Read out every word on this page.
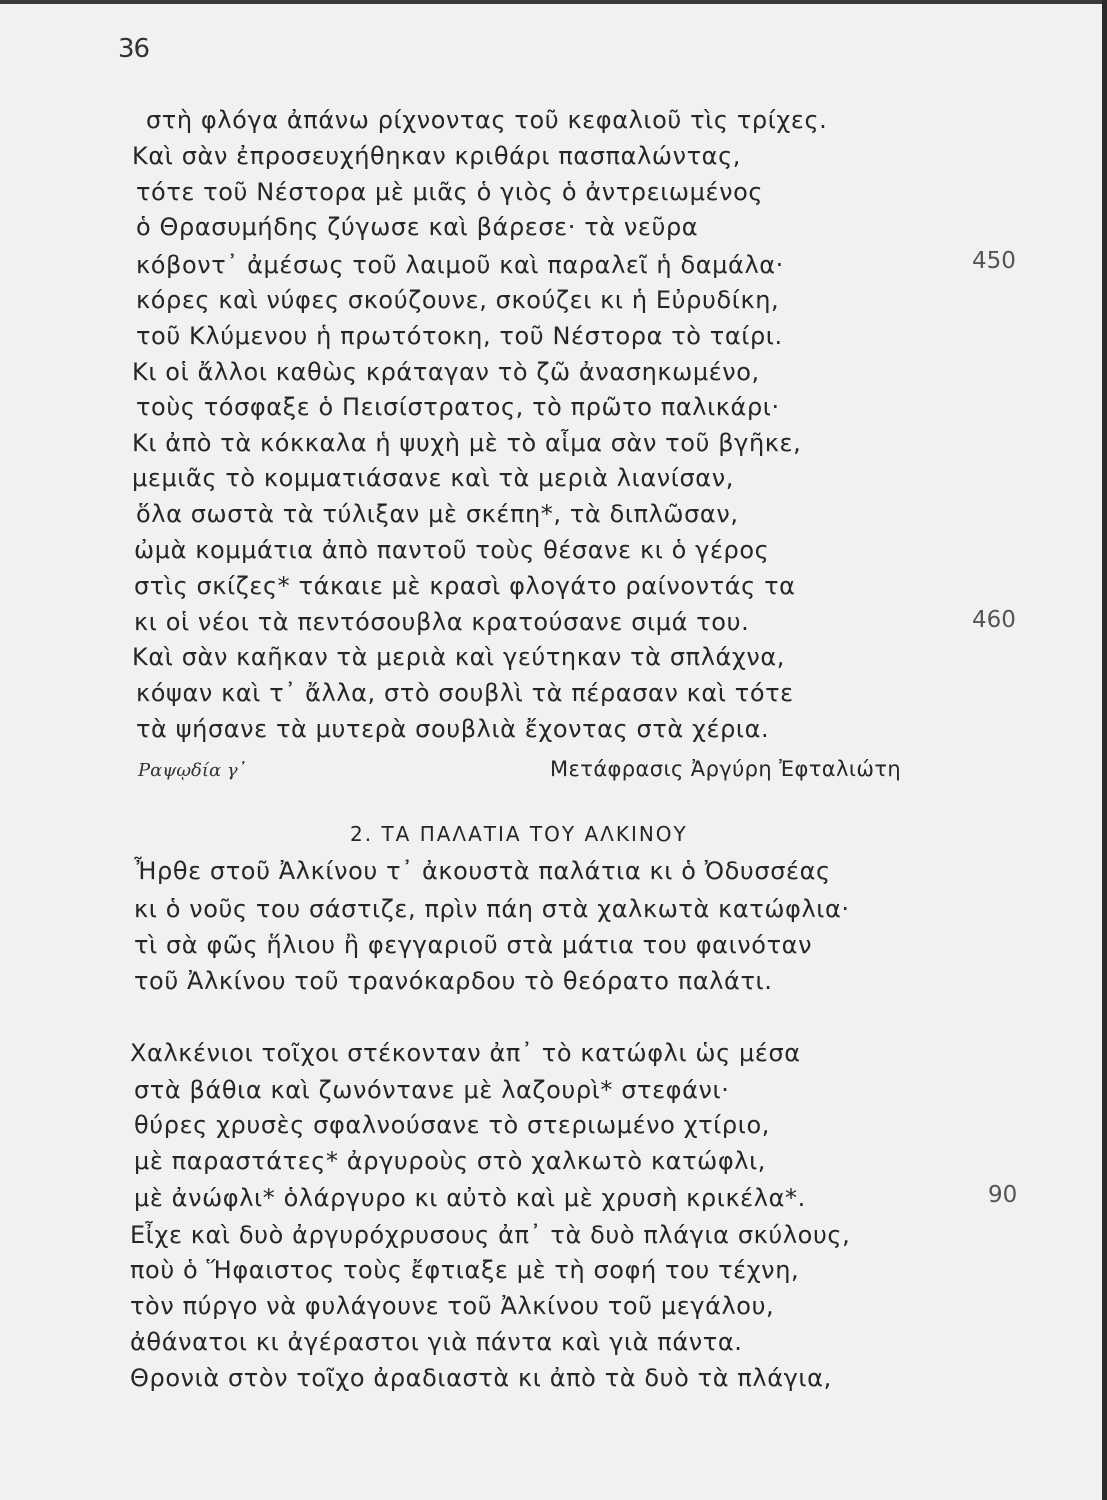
36
στὴ φλόγα ἀπάνω ρίχνοντας τοῦ κεφαλιοῦ τὶς τρίχες.
Καὶ σὰν ἐπροσευχήθηκαν κριθάρι πασπαλώντας,
τότε τοῦ Νέστορα μὲ μιᾶς ὁ γιὸς ὁ ἀντρειωμένος
ὁ Θρασυμήδης ζύγωσε καὶ βάρεσε· τὰ νεῦρα
κόβοντ᾽ ἀμέσως τοῦ λαιμοῦ καὶ παραλεῖ ἡ δαμάλα·
κόρες καὶ νύφες σκούζουνε, σκούζει κι ἡ Εὐρυδίκη,
τοῦ Κλύμενου ἡ πρωτότοκη, τοῦ Νέστορα τὸ ταίρι.
Κι οἱ ἄλλοι καθὼς κράταγαν τὸ ζῶ ἀνασηκωμένο,
τοὺς τόσφαξε ὁ Πεισίστρατος, τὸ πρῶτο παλικάρι·
Κι ἀπὸ τὰ κόκκαλα ἡ ψυχὴ μὲ τὸ αἷμα σὰν τοῦ βγῆκε,
μεμιᾶς τὸ κομματιάσανε καὶ τὰ μεριὰ λιανίσαν,
ὅλα σωστὰ τὰ τύλιξαν μὲ σκέπη*, τὰ διπλῶσαν,
ὠμὰ κομμάτια ἀπὸ παντοῦ τοὺς θέσανε κι ὁ γέρος
στὶς σκίζες* τάκαιε μὲ κρασὶ φλογάτο ραίνοντάς τα
κι οἱ νέοι τὰ πεντόσουβλα κρατούσανε σιμά του.
Καὶ σὰν καῆκαν τὰ μεριὰ καὶ γεύτηκαν τὰ σπλάχνα,
κόψαν καὶ τ᾽ ἄλλα, στὸ σουβλὶ τὰ πέρασαν καὶ τότε
τὰ ψήσανε τὰ μυτερὰ σουβλιὰ ἔχοντας στὰ χέρια.
450
460
Ραψῳδία γ᾽	Μετάφρασις Ἀργύρη Ἐφταλιώτη
2. ΤΑ ΠΑΛΑΤΙΑ ΤΟΥ ΑΛΚΙΝΟΥ
Ἦρθε στοῦ Ἀλκίνου τ᾽ ἀκουστὰ παλάτια κι ὁ Ὀδυσσέας
κι ὁ νοῦς του σάστιζε, πρὶν πάη στὰ χαλκωτὰ κατώφλια·
τὶ σὰ φῶς ἥλιου ἢ φεγγαριοῦ στὰ μάτια του φαινόταν
τοῦ Ἀλκίνου τοῦ τρανόκαρδου τὸ θεόρατο παλάτι.
Χαλκένιοι τοῖχοι στέκονταν ἀπ᾽ τὸ κατώφλι ὡς μέσα
στὰ βάθια καὶ ζωνόντανε μὲ λαζουρὶ* στεφάνι·
θύρες χρυσὲς σφαλνούσανε τὸ στεριωμένο χτίριο,
μὲ παραστάτες* ἀργυροὺς στὸ χαλκωτὸ κατώφλι,
μὲ ἀνώφλι* ὁλάργυρο κι αὐτὸ καὶ μὲ χρυσὴ κρικέλα*.
Εἶχε καὶ δυὸ ἀργυρόχρυσους ἀπ᾽ τὰ δυὸ πλάγια σκύλους,
ποὺ ὁ Ἥφαιστος τοὺς ἔφτιαξε μὲ τὴ σοφή του τέχνη,
τὸν πύργο νὰ φυλάγουνε τοῦ Ἀλκίνου τοῦ μεγάλου,
ἀθάνατοι κι ἀγέραστοι γιὰ πάντα καὶ γιὰ πάντα.
Θρονιὰ στὸν τοῖχο ἀραδιαστὰ κι ἀπὸ τὰ δυὸ τὰ πλάγια,
90
